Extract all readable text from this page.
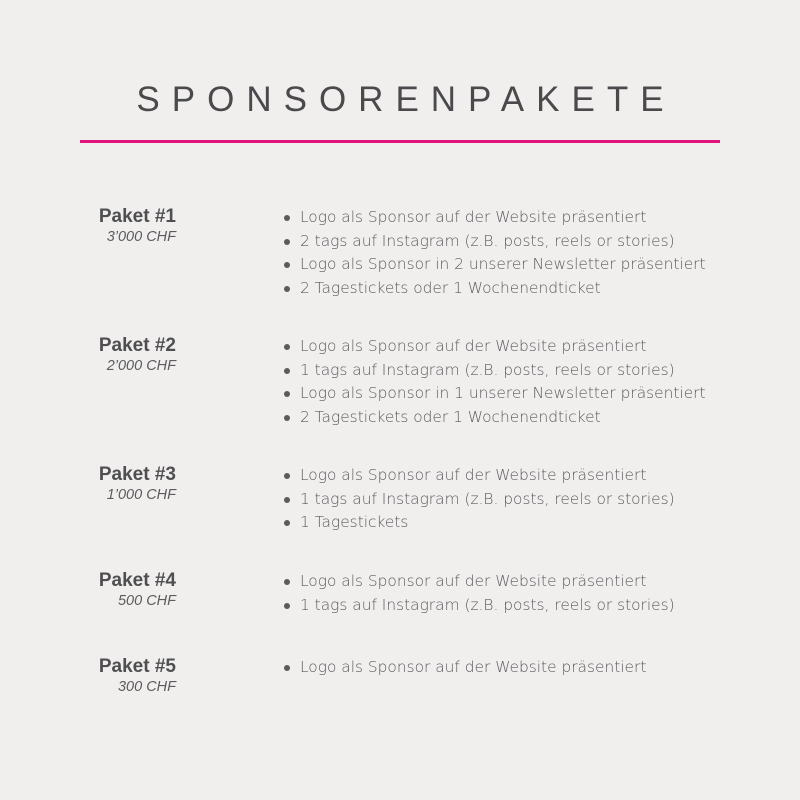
SPONSORENPAKETE
Paket #1
3’000 CHF
Logo als Sponsor auf der Website präsentiert
2 tags auf Instagram (z.B. posts, reels or stories)
Logo als Sponsor in 2 unserer Newsletter präsentiert
2 Tagestickets oder 1 Wochenendticket
Paket #2
2’000 CHF
Logo als Sponsor auf der Website präsentiert
1 tags auf Instagram (z.B. posts, reels or stories)
Logo als Sponsor in 1 unserer Newsletter präsentiert
2 Tagestickets oder 1 Wochenendticket
Paket #3
1’000 CHF
Logo als Sponsor auf der Website präsentiert
1 tags auf Instagram (z.B. posts, reels or stories)
1 Tagestickets
Paket #4
500 CHF
Logo als Sponsor auf der Website präsentiert
1 tags auf Instagram (z.B. posts, reels or stories)
Paket #5
300 CHF
Logo als Sponsor auf der Website präsentiert
